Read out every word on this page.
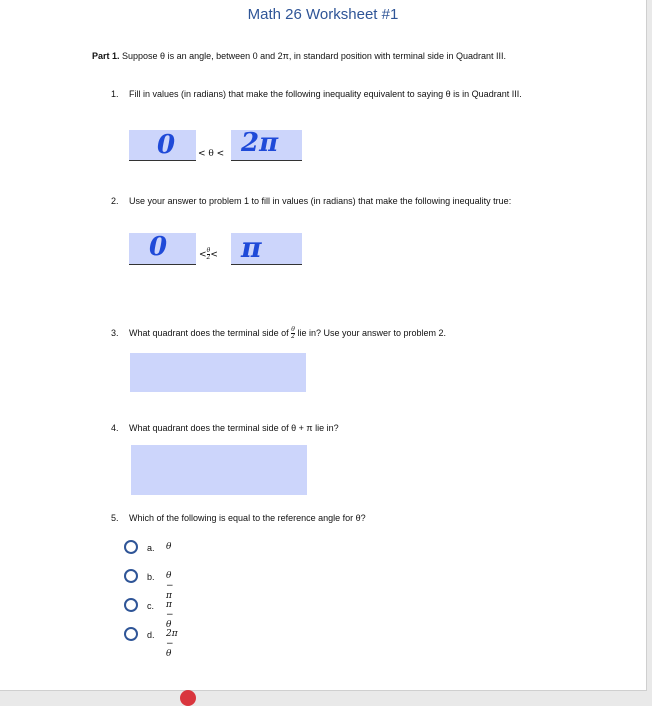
Math 26 Worksheet #1
Part 1. Suppose θ is an angle, between 0 and 2π, in standard position with terminal side in Quadrant III.
1. Fill in values (in radians) that make the following inequality equivalent to saying θ is in Quadrant III.
0	< θ < 2π
2. Use your answer to problem 1 to fill in values (in radians) that make the following inequality true:
0	< $\frac{\theta}{2} < \pi$
3. What quadrant does the terminal side of $\frac{\theta}{2}$ lie in? Use your answer to problem 2.
4. What quadrant does the terminal side of θ + π lie in?
5. Which of the following is equal to the reference angle for θ?
a. θ
b. θ − π
c. π − θ
d. 2π − θ
